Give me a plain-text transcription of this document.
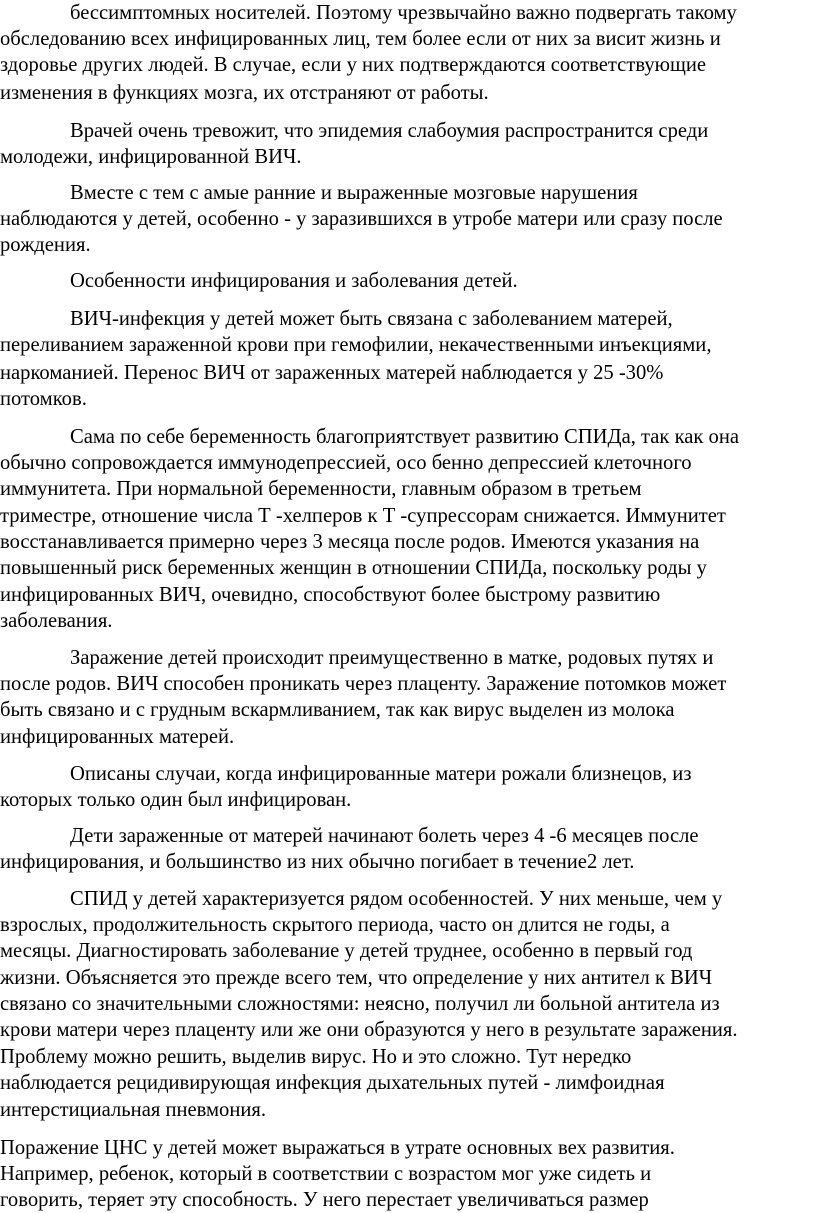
бессимптомных носителей. Поэтому чрезвычайно важно подвергать такому
обследованию всех инфицированных лиц, тем более если от них за висит жизнь и
здоровье других людей. В случае, если у них подтверждаются соответствующие
изменения в функциях мозга, их отстраняют от работы.
Врачей очень тревожит, что эпидемия слабоумия распространится среди
молодежи, инфицированной ВИЧ.
Вместе с тем с амые ранние и выраженные мозговые нарушения
наблюдаются у детей, особенно - у заразившихся в утробе матери или сразу после
рождения.
Особенности инфицирования и заболевания детей.
ВИЧ-инфекция у детей может быть связана с заболеванием матерей,
переливанием зараженной крови при гемофилии, некачественными инъекциями,
наркоманией. Перенос ВИЧ от зараженных матерей наблюдается у 25 -30%
потомков.
Сама по себе беременность благоприятствует развитию СПИДа, так как она
обычно сопровождается иммунодепрессией, осо бенно депрессией клеточного
иммунитета. При нормальной беременности, главным образом в третьем
триместре, отношение числа Т -хелперов к Т -супрессорам снижается. Иммунитет
восстанавливается примерно через 3 месяца после родов. Имеются указания на
повышенный риск беременных женщин в отношении СПИДа, поскольку роды у
инфицированных ВИЧ, очевидно, способствуют более быстрому развитию
заболевания.
Заражение детей происходит преимущественно в матке, родовых путях и
после родов. ВИЧ способен проникать через плаценту. Заражение потомков может
быть связано и с грудным вскармливанием, так как вирус выделен из молока
инфицированных матерей.
Описаны случаи, когда инфицированные матери рожали близнецов, из
которых только один был инфицирован.
Дети зараженные от матерей начинают болеть через 4 -6 месяцев после
инфицирования, и большинство из них обычно погибает в течение2 лет.
СПИД у детей характеризуется рядом особенностей. У них меньше, чем у
взрослых, продолжительность скрытого периода, часто он длится не годы, а
месяцы. Диагностировать заболевание у детей труднее, особенно в первый год
жизни. Объясняется это прежде всего тем, что определение у них антител к ВИЧ
связано со значительными сложностями: неясно, получил ли больной антитела из
крови матери через плаценту или же они образуются у него в результате заражения.
Проблему можно решить, выделив вирус. Но и это сложно. Тут нередко
наблюдается рецидивирующая инфекция дыхательных путей - лимфоидная
интерстициальная пневмония.
Поражение ЦНС у детей может выражаться в утрате основных вех развития.
Например, ребенок, который в соответствии с возрастом мог уже сидеть и
говорить, теряет эту способность. У него перестает увеличиваться размер
